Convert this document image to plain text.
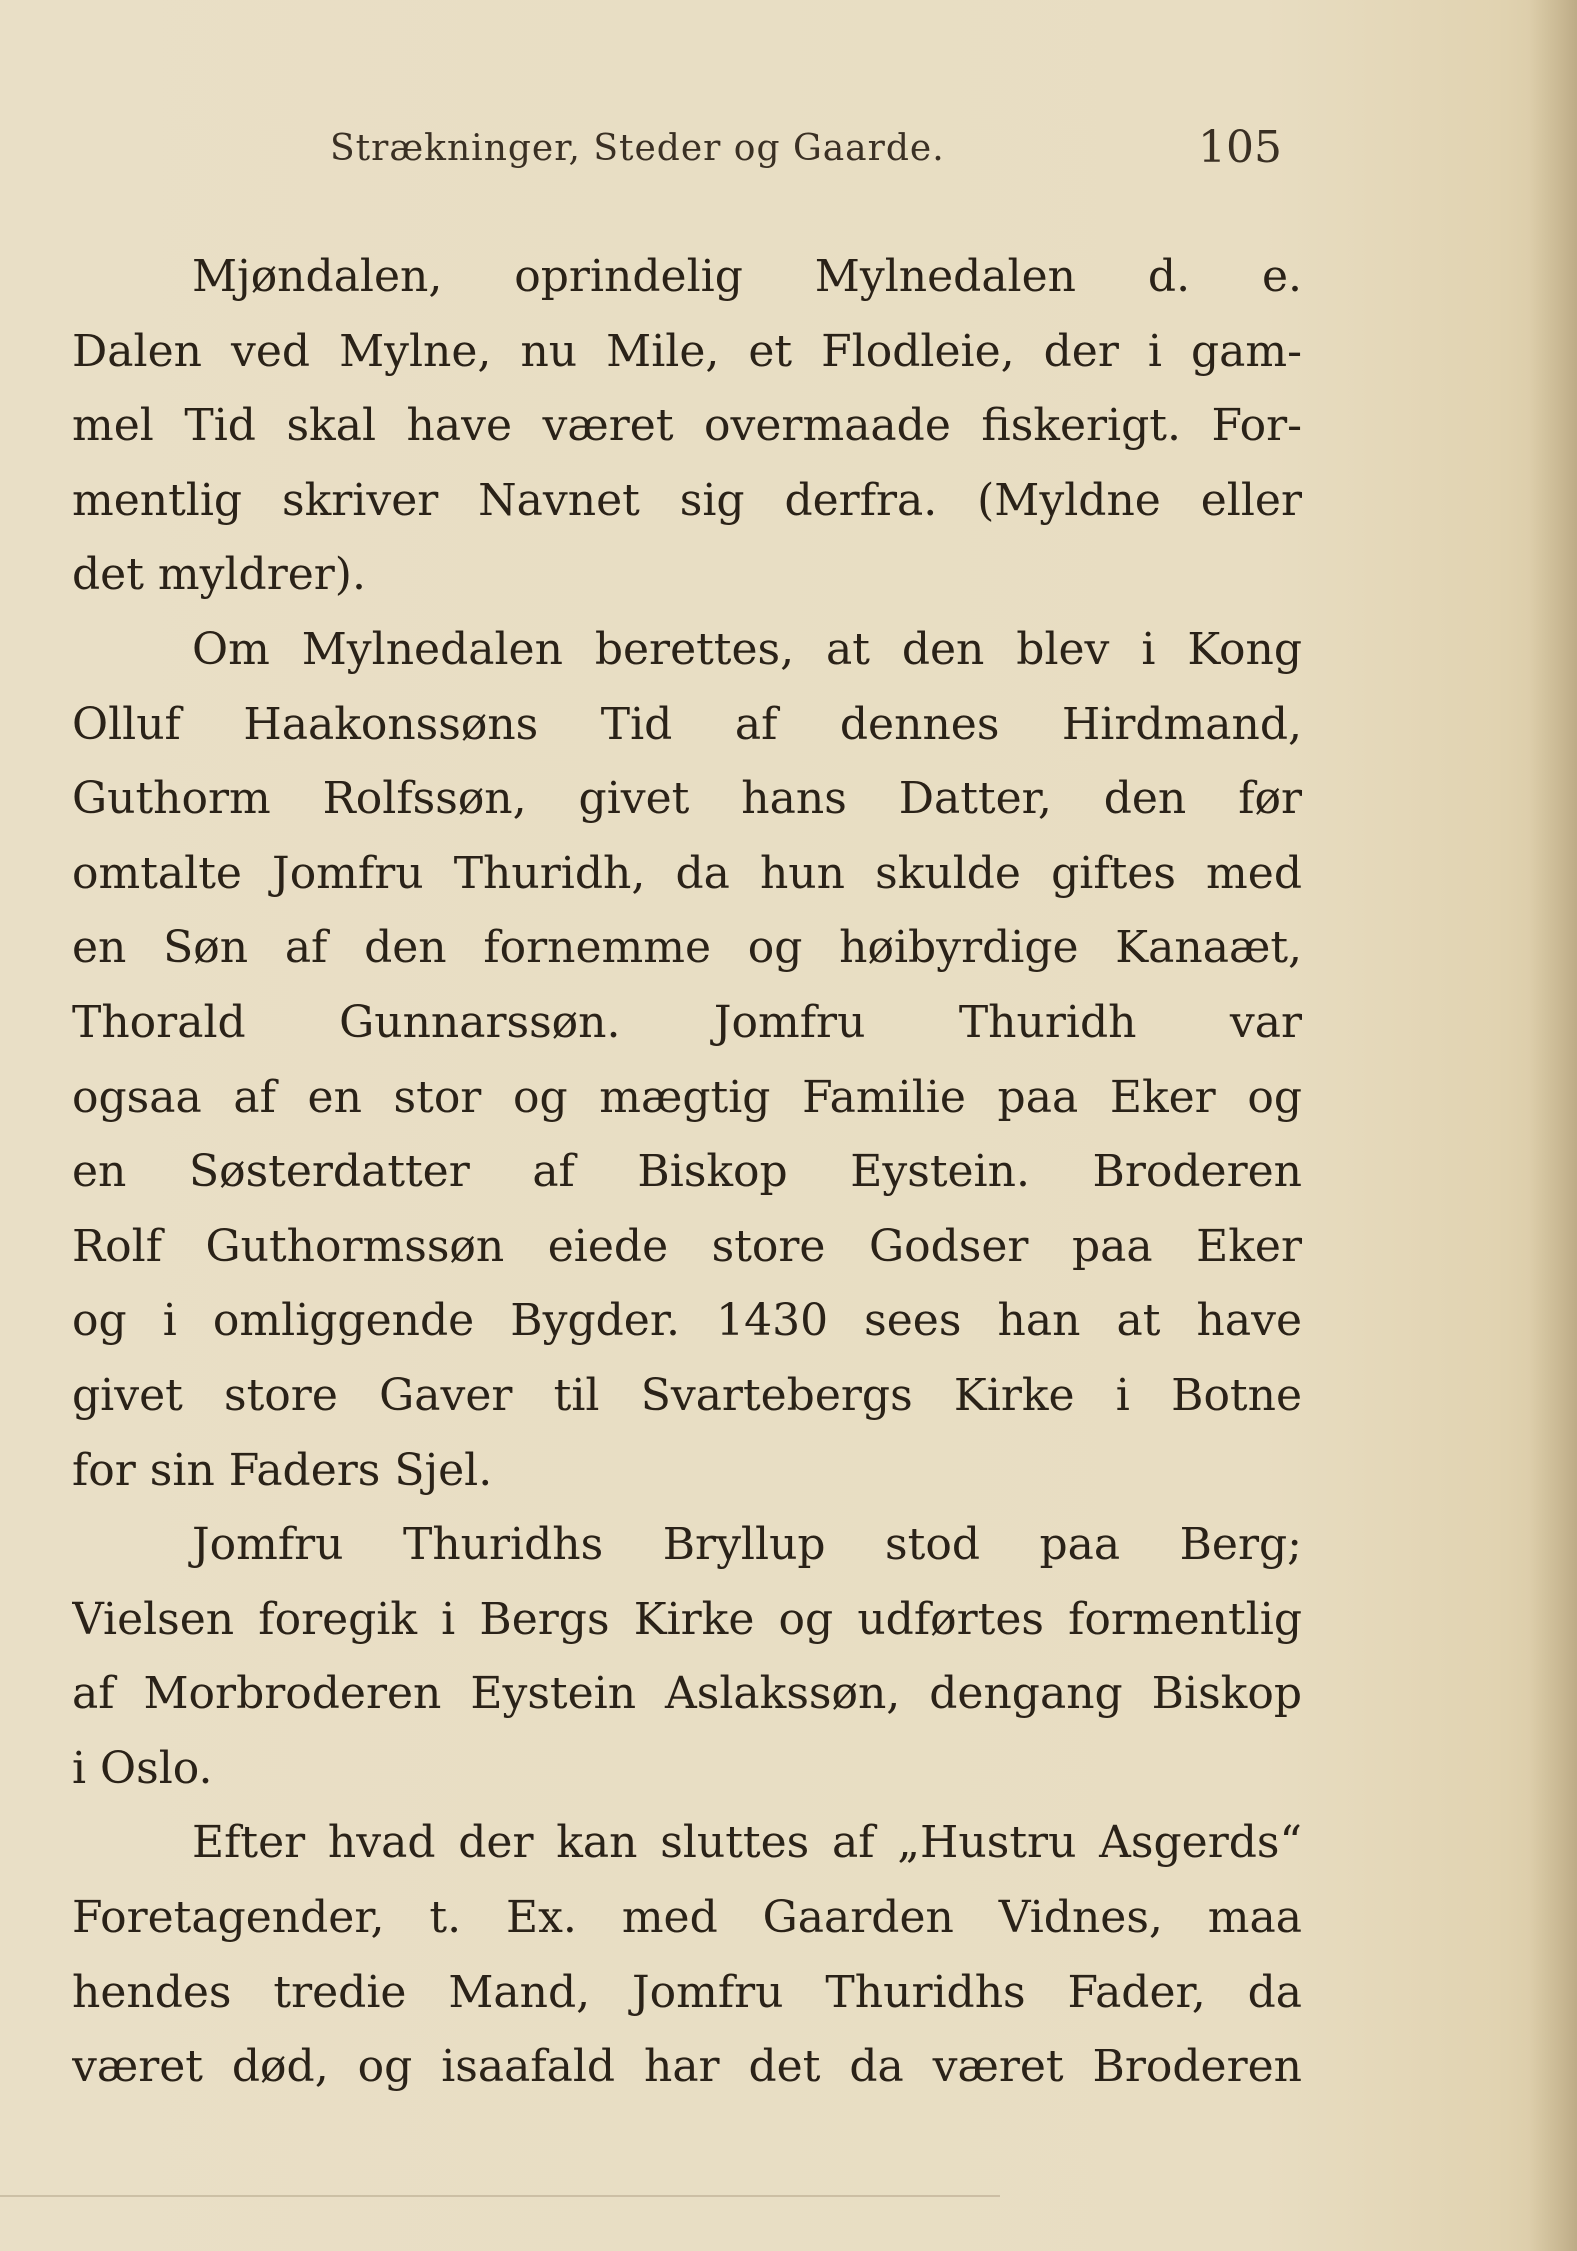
Strækninger, Steder og Gaarde.	105
Mjøndalen, oprindelig Mylnedalen d. e.
Dalen ved Mylne, nu Mile, et Flodleie, der i gam-
mel Tid skal have været overmaade fiskerigt. For-
mentlig skriver Navnet sig derfra. (Myldne eller
det myldrer).
Om Mylnedalen berettes, at den blev i Kong
Olluf Haakonssøns Tid af dennes Hirdmand,
Guthorm Rolfssøn, givet hans Datter, den før
omtalte Jomfru Thuridh, da hun skulde giftes med
en Søn af den fornemme og høibyrdige Kanaæt,
Thorald Gunnarssøn. Jomfru Thuridh var
ogsaa af en stor og mægtig Familie paa Eker og
en Søsterdatter af Biskop Eystein. Broderen
Rolf Guthormssøn eiede store Godser paa Eker
og i omliggende Bygder. 1430 sees han at have
givet store Gaver til Svartebergs Kirke i Botne
for sin Faders Sjel.
Jomfru Thuridhs Bryllup stod paa Berg;
Vielsen foregik i Bergs Kirke og udførtes formentlig
af Morbroderen Eystein Aslakssøn, dengang Biskop
i Oslo.
Efter hvad der kan sluttes af „Hustru Asgerds“
Foretagender, t. Ex. med Gaarden Vidnes, maa
hendes tredie Mand, Jomfru Thuridhs Fader, da
været død, og isaafald har det da været Broderen
